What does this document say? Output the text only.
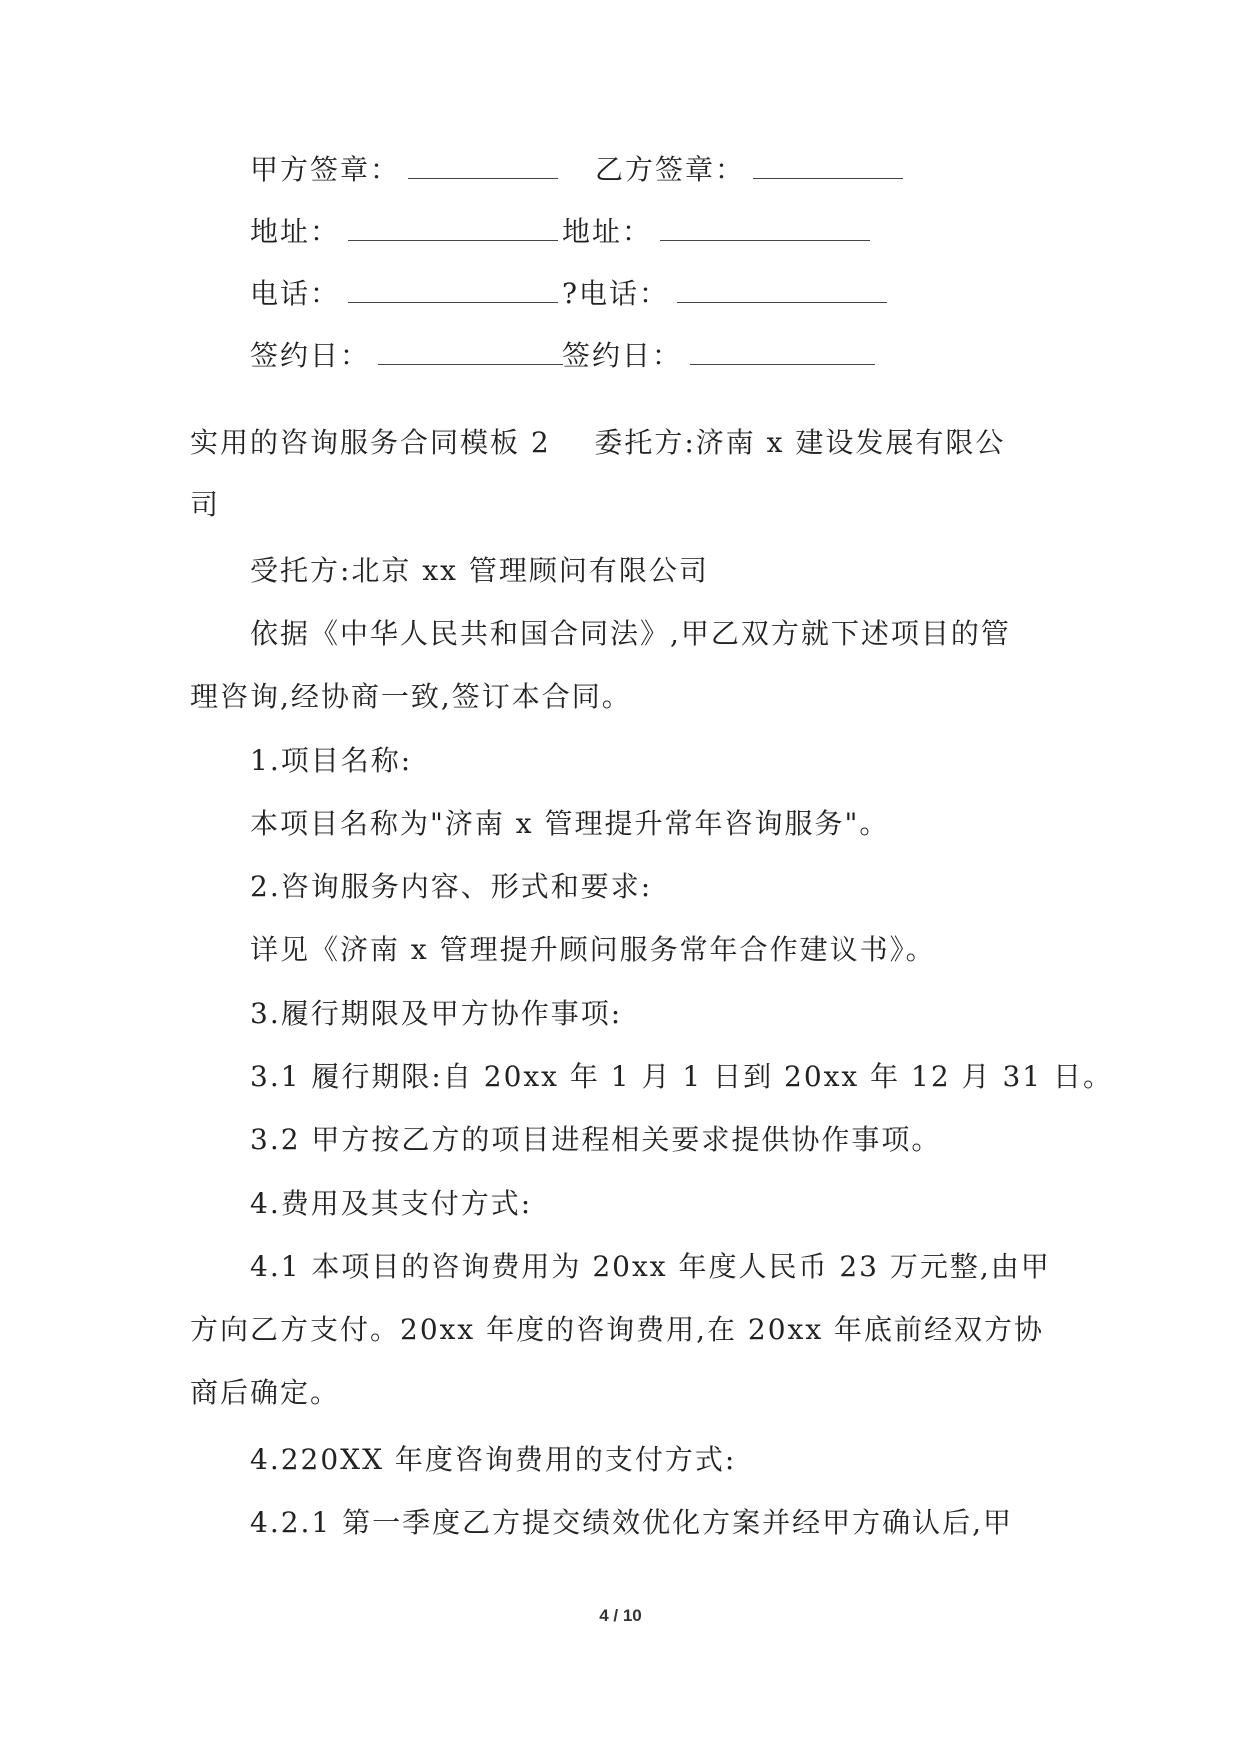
甲方签章：	乙方签章：
地址：	地址：
电话：	?电话：
签约日：	签约日：
实用的咨询服务合同模板 2    委托方:济南 x 建设发展有限公
司
受托方:北京 xx 管理顾问有限公司
依据《中华人民共和国合同法》,甲乙双方就下述项目的管
理咨询,经协商一致,签订本合同。
1.项目名称:
本项目名称为"济南 x 管理提升常年咨询服务"。
2.咨询服务内容、形式和要求:
详见《济南 x 管理提升顾问服务常年合作建议书》。
3.履行期限及甲方协作事项:
3.1 履行期限:自 20xx 年 1 月 1 日到 20xx 年 12 月 31 日。
3.2 甲方按乙方的项目进程相关要求提供协作事项。
4.费用及其支付方式:
4.1 本项目的咨询费用为 20xx 年度人民币 23 万元整,由甲
方向乙方支付。20xx 年度的咨询费用,在 20xx 年底前经双方协
商后确定。
4.220XX 年度咨询费用的支付方式:
4.2.1 第一季度乙方提交绩效优化方案并经甲方确认后,甲
4 / 10
